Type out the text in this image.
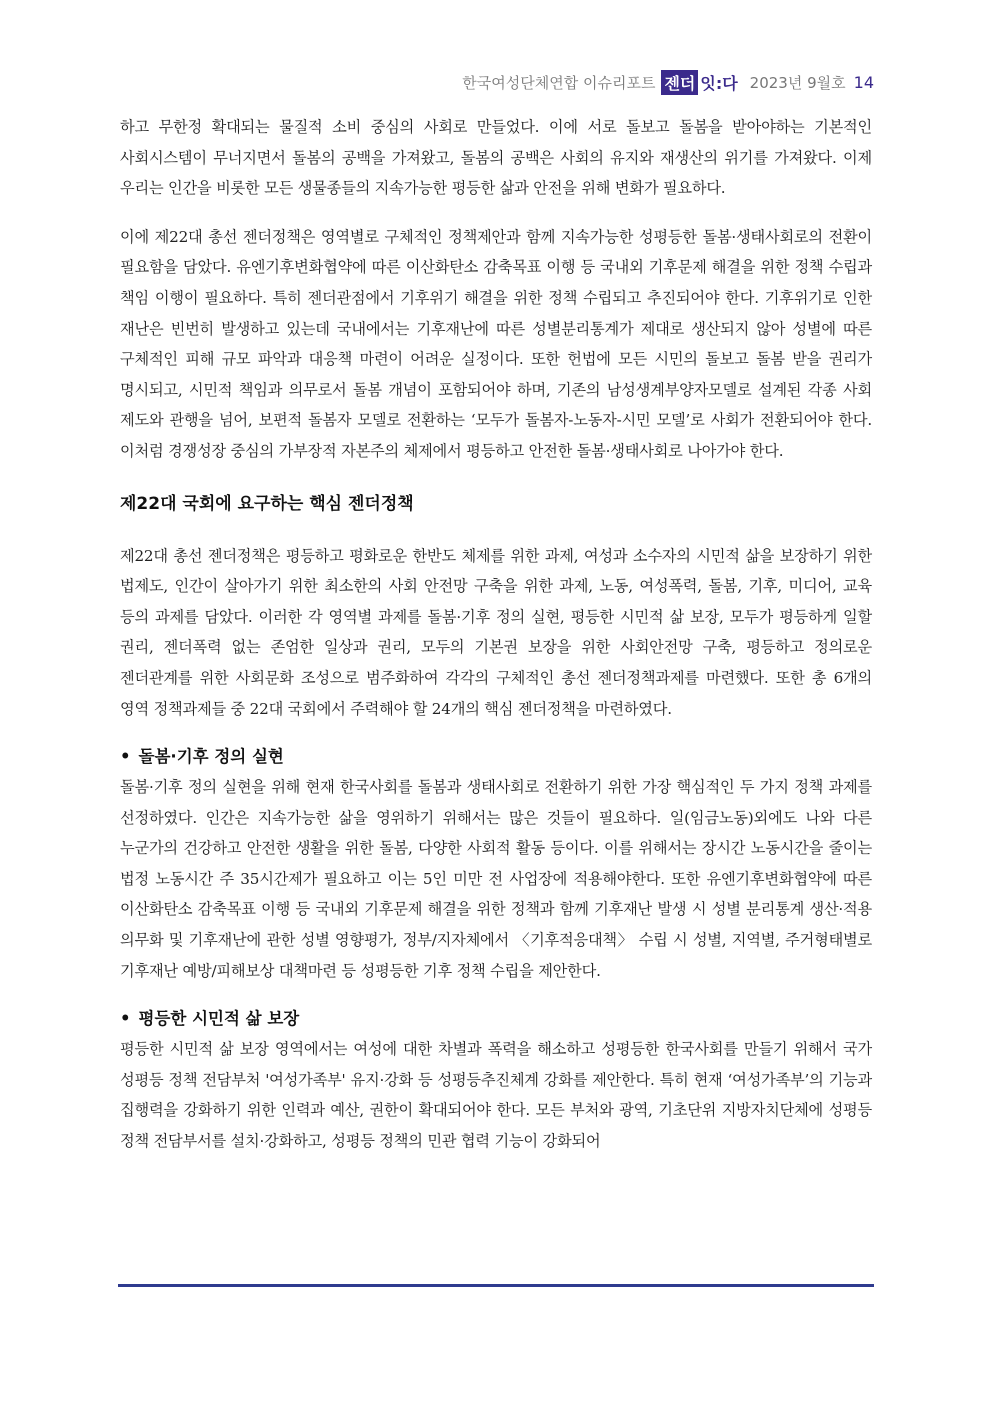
한국여성단체연합 이슈리포트 젠더 잇:다 2023년 9월호 14

하고 무한정 확대되는 물질적 소비 중심의 사회로 만들었다. 이에 서로 돌보고 돌봄을 받아야하는 기본적인 사회시스템이 무너지면서 돌봄의 공백을 가져왔고, 돌봄의 공백은 사회의 유지와 재생산의 위기를 가져왔다. 이제 우리는 인간을 비롯한 모든 생물종들의 지속가능한 평등한 삶과 안전을 위해 변화가 필요하다.

이에 제22대 총선 젠더정책은 영역별로 구체적인 정책제안과 함께 지속가능한 성평등한 돌봄·생태사회로의 전환이 필요함을 담았다. 유엔기후변화협약에 따른 이산화탄소 감축목표 이행 등 국내외 기후문제 해결을 위한 정책 수립과 책임 이행이 필요하다. 특히 젠더관점에서 기후위기 해결을 위한 정책 수립되고 추진되어야 한다. 기후위기로 인한 재난은 빈번히 발생하고 있는데 국내에서는 기후재난에 따른 성별분리통계가 제대로 생산되지 않아 성별에 따른 구체적인 피해 규모 파악과 대응책 마련이 어려운 실정이다. 또한 헌법에 모든 시민의 돌보고 돌봄 받을 권리가 명시되고, 시민적 책임과 의무로서 돌봄 개념이 포함되어야 하며, 기존의 남성생계부양자모델로 설계된 각종 사회 제도와 관행을 넘어, 보편적 돌봄자 모델로 전환하는 ‘모두가 돌봄자-노동자-시민 모델’로 사회가 전환되어야 한다. 이처럼 경쟁성장 중심의 가부장적 자본주의 체제에서 평등하고 안전한 돌봄·생태사회로 나아가야 한다.

제22대 국회에 요구하는 핵심 젠더정책

제22대 총선 젠더정책은 평등하고 평화로운 한반도 체제를 위한 과제, 여성과 소수자의 시민적 삶을 보장하기 위한 법제도, 인간이 살아가기 위한 최소한의 사회 안전망 구축을 위한 과제, 노동, 여성폭력, 돌봄, 기후, 미디어, 교육 등의 과제를 담았다. 이러한 각 영역별 과제를 돌봄·기후 정의 실현, 평등한 시민적 삶 보장, 모두가 평등하게 일할 권리, 젠더폭력 없는 존엄한 일상과 권리, 모두의 기본권 보장을 위한 사회안전망 구축, 평등하고 정의로운 젠더관계를 위한 사회문화 조성으로 범주화하여 각각의 구체적인 총선 젠더정책과제를 마련했다. 또한 총 6개의 영역 정책과제들 중 22대 국회에서 주력해야 할 24개의 핵심 젠더정책을 마련하였다.

• 돌봄·기후 정의 실현

돌봄·기후 정의 실현을 위해 현재 한국사회를 돌봄과 생태사회로 전환하기 위한 가장 핵심적인 두 가지 정책 과제를 선정하였다. 인간은 지속가능한 삶을 영위하기 위해서는 많은 것들이 필요하다. 일(임금노동)외에도 나와 다른 누군가의 건강하고 안전한 생활을 위한 돌봄, 다양한 사회적 활동 등이다. 이를 위해서는 장시간 노동시간을 줄이는 법정 노동시간 주 35시간제가 필요하고 이는 5인 미만 전 사업장에 적용해야한다. 또한 유엔기후변화협약에 따른 이산화탄소 감축목표 이행 등 국내외 기후문제 해결을 위한 정책과 함께 기후재난 발생 시 성별 분리통계 생산·적용 의무화 및 기후재난에 관한 성별 영향평가, 정부/지자체에서 〈기후적응대책〉 수립 시 성별, 지역별, 주거형태별로 기후재난 예방/피해보상 대책마련 등 성평등한 기후 정책 수립을 제안한다.

• 평등한 시민적 삶 보장

평등한 시민적 삶 보장 영역에서는 여성에 대한 차별과 폭력을 해소하고 성평등한 한국사회를 만들기 위해서 국가 성평등 정책 전담부처 '여성가족부' 유지·강화 등 성평등추진체계 강화를 제안한다. 특히 현재 ‘여성가족부’의 기능과 집행력을 강화하기 위한 인력과 예산, 권한이 확대되어야 한다. 모든 부처와 광역, 기초단위 지방자치단체에 성평등 정책 전담부서를 설치·강화하고, 성평등 정책의 민관 협력 기능이 강화되어
